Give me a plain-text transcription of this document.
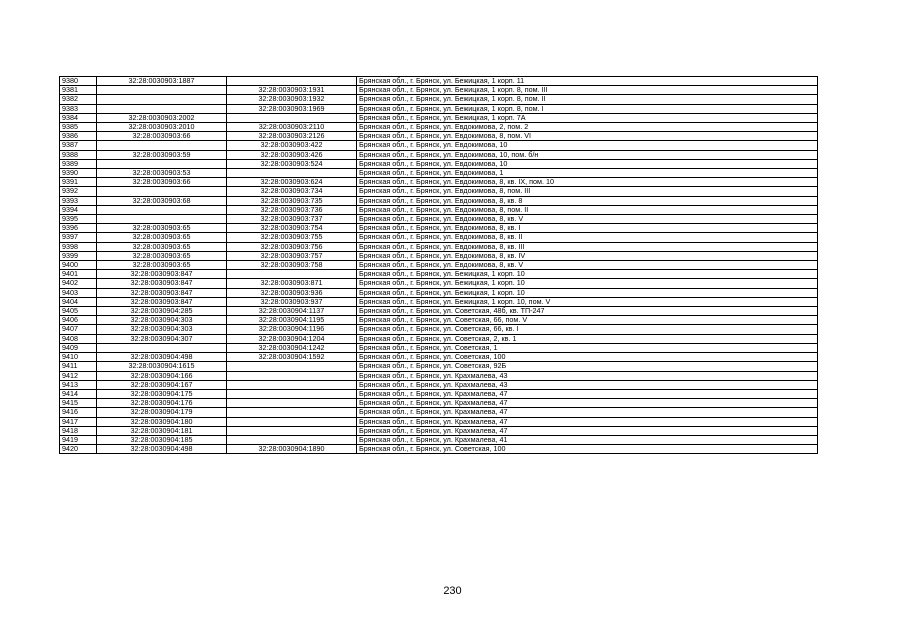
9380	32:28:0030903:1887		Брянская обл., г. Брянск, ул. Бежицкая, 1 корп. 11
9381		32:28:0030903:1931	Брянская обл., г. Брянск, ул. Бежицкая, 1 корп. 8, пом. III
9382		32:28:0030903:1932	Брянская обл., г. Брянск, ул. Бежицкая, 1 корп. 8, пом. II
9383		32:28:0030903:1969	Брянская обл., г. Брянск, ул. Бежицкая, 1 корп. 8, пом. I
9384	32:28:0030903:2002		Брянская обл., г. Брянск, ул. Бежицкая, 1 корп. 7А
9385	32:28:0030903:2010	32:28:0030903:2110	Брянская обл., г. Брянск, ул. Евдокимова, 2, пом. 2
9386	32:28:0030903:66	32:28:0030903:2126	Брянская обл., г. Брянск, ул. Евдокимова, 8, пом. VI
9387		32:28:0030903:422	Брянская обл., г. Брянск, ул. Евдокимова, 10
9388	32:28:0030903:59	32:28:0030903:426	Брянская обл., г. Брянск, ул. Евдокимова, 10, пом. б/н
9389		32:28:0030903:524	Брянская обл., г. Брянск, ул. Евдокимова, 10
9390	32:28:0030903:53		Брянская обл., г. Брянск, ул. Евдокимова, 1
9391	32:28:0030903:66	32:28:0030903:624	Брянская обл., г. Брянск, ул. Евдокимова, 8, кв. IX, пом. 10
9392		32:28:0030903:734	Брянская обл., г. Брянск, ул. Евдокимова, 8, пом. III
9393	32:28:0030903:68	32:28:0030903:735	Брянская обл., г. Брянск, ул. Евдокимова, 8, кв. 8
9394		32:28:0030903:736	Брянская обл., г. Брянск, ул. Евдокимова, 8, пом. II
9395		32:28:0030903:737	Брянская обл., г. Брянск, ул. Евдокимова, 8, кв. V
9396	32:28:0030903:65	32:28:0030903:754	Брянская обл., г. Брянск, ул. Евдокимова, 8, кв. I
9397	32:28:0030903:65	32:28:0030903:755	Брянская обл., г. Брянск, ул. Евдокимова, 8, кв. II
9398	32:28:0030903:65	32:28:0030903:756	Брянская обл., г. Брянск, ул. Евдокимова, 8, кв. III
9399	32:28:0030903:65	32:28:0030903:757	Брянская обл., г. Брянск, ул. Евдокимова, 8, кв. IV
9400	32:28:0030903:65	32:28:0030903:758	Брянская обл., г. Брянск, ул. Евдокимова, 8, кв. V
9401	32:28:0030903:847		Брянская обл., г. Брянск, ул. Бежицкая, 1 корп. 10
9402	32:28:0030903:847	32:28:0030903:871	Брянская обл., г. Брянск, ул. Бежицкая, 1 корп. 10
9403	32:28:0030903:847	32:28:0030903:936	Брянская обл., г. Брянск, ул. Бежицкая, 1 корп. 10
9404	32:28:0030903:847	32:28:0030903:937	Брянская обл., г. Брянск, ул. Бежицкая, 1 корп. 10, пом. V
9405	32:28:0030904:285	32:28:0030904:1137	Брянская обл., г. Брянск, ул. Советская, 48б, кв. ТП-247
9406	32:28:0030904:303	32:28:0030904:1195	Брянская обл., г. Брянск, ул. Советская, 66, пом. V
9407	32:28:0030904:303	32:28:0030904:1196	Брянская обл., г. Брянск, ул. Советская, 66, кв. I
9408	32:28:0030904:307	32:28:0030904:1204	Брянская обл., г. Брянск, ул. Советская, 2, кв. 1
9409		32:28:0030904:1242	Брянская обл., г. Брянск, ул. Советская, 1
9410	32:28:0030904:498	32:28:0030904:1592	Брянская обл., г. Брянск, ул. Советская, 100
9411	32:28:0030904:1615		Брянская обл., г. Брянск, ул. Советская, 92Б
9412	32:28:0030904:166		Брянская обл., г. Брянск, ул. Крахмалева, 43
9413	32:28:0030904:167		Брянская обл., г. Брянск, ул. Крахмалева, 43
9414	32:28:0030904:175		Брянская обл., г. Брянск, ул. Крахмалева, 47
9415	32:28:0030904:176		Брянская обл., г. Брянск, ул. Крахмалева, 47
9416	32:28:0030904:179		Брянская обл., г. Брянск, ул. Крахмалева, 47
9417	32:28:0030904:180		Брянская обл., г. Брянск, ул. Крахмалева, 47
9418	32:28:0030904:181		Брянская обл., г. Брянск, ул. Крахмалева, 47
9419	32:28:0030904:185		Брянская обл., г. Брянск, ул. Крахмалева, 41
9420	32:28:0030904:498	32:28:0030904:1890	Брянская обл., г. Брянск, ул. Советская, 100
230
